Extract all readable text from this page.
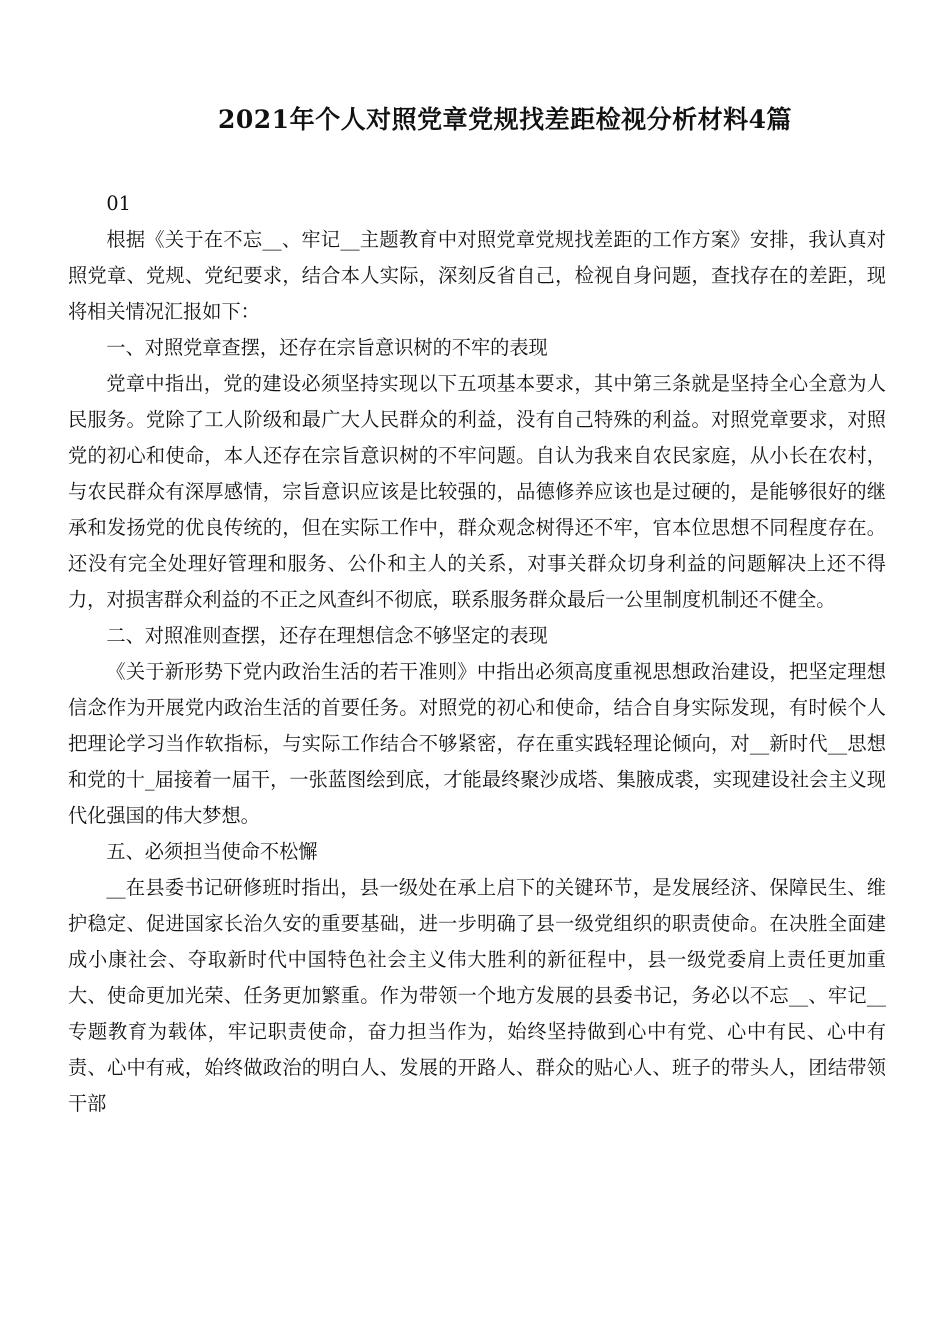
2021年个人对照党章党规找差距检视分析材料4篇

01

根据《关于在不忘__、牢记__主题教育中对照党章党规找差距的工作方案》安排，我认真对照党章、党规、党纪要求，结合本人实际，深刻反省自己，检视自身问题，查找存在的差距，现将相关情况汇报如下：

一、对照党章查摆，还存在宗旨意识树的不牢的表现

党章中指出，党的建设必须坚持实现以下五项基本要求，其中第三条就是坚持全心全意为人民服务。党除了工人阶级和最广大人民群众的利益，没有自己特殊的利益。对照党章要求，对照党的初心和使命，本人还存在宗旨意识树的不牢问题。自认为我来自农民家庭，从小长在农村，与农民群众有深厚感情，宗旨意识应该是比较强的，品德修养应该也是过硬的，是能够很好的继承和发扬党的优良传统的，但在实际工作中，群众观念树得还不牢，官本位思想不同程度存在。还没有完全处理好管理和服务、公仆和主人的关系，对事关群众切身利益的问题解决上还不得力，对损害群众利益的不正之风查纠不彻底，联系服务群众最后一公里制度机制还不健全。

二、对照准则查摆，还存在理想信念不够坚定的表现

《关于新形势下党内政治生活的若干准则》中指出必须高度重视思想政治建设，把坚定理想信念作为开展党内政治生活的首要任务。对照党的初心和使命，结合自身实际发现，有时候个人把理论学习当作软指标，与实际工作结合不够紧密，存在重实践轻理论倾向，对__新时代__思想和党的十_届接着一届干，一张蓝图绘到底，才能最终聚沙成塔、集腋成裘，实现建设社会主义现代化强国的伟大梦想。

五、必须担当使命不松懈

__在县委书记研修班时指出，县一级处在承上启下的关键环节，是发展经济、保障民生、维护稳定、促进国家长治久安的重要基础，进一步明确了县一级党组织的职责使命。在决胜全面建成小康社会、夺取新时代中国特色社会主义伟大胜利的新征程中，县一级党委肩上责任更加重大、使命更加光荣、任务更加繁重。作为带领一个地方发展的县委书记，务必以不忘__、牢记__专题教育为载体，牢记职责使命，奋力担当作为，始终坚持做到心中有党、心中有民、心中有责、心中有戒，始终做政治的明白人、发展的开路人、群众的贴心人、班子的带头人，团结带领干部
